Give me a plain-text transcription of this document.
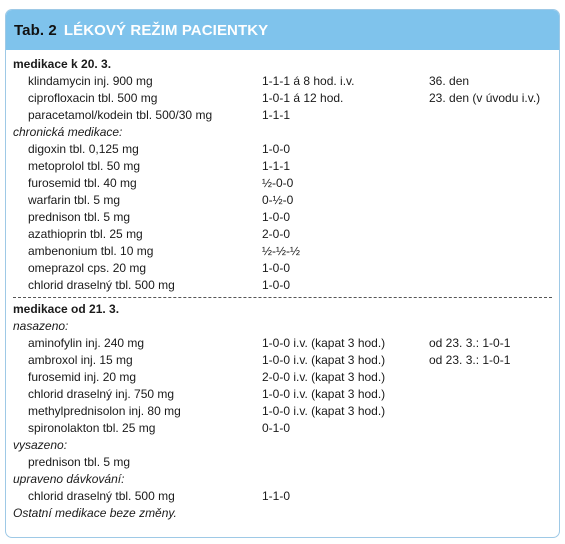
Tab. 2 LÉKOVÝ REŽIM PACIENTKY
medikace k 20. 3.
klindamycin inj. 900 mg	1-1-1 á 8 hod. i.v.	36. den
ciprofloxacin tbl. 500 mg	1-0-1 á 12 hod.	23. den (v úvodu i.v.)
paracetamol/kodein tbl. 500/30 mg	1-1-1
chronická medikace:
digoxin tbl. 0,125 mg	1-0-0
metoprolol tbl. 50 mg	1-1-1
furosemid tbl. 40 mg	½-0-0
warfarin tbl. 5 mg	0-½-0
prednison tbl. 5 mg	1-0-0
azathioprin tbl. 25 mg	2-0-0
ambenonium tbl. 10 mg	½-½-½
omeprazol cps. 20 mg	1-0-0
chlorid draselný tbl. 500 mg	1-0-0
medikace od 21. 3.
nasazeno:
aminofylin inj. 240 mg	1-0-0 i.v. (kapat 3 hod.)	od 23. 3.: 1-0-1
ambroxol inj. 15 mg	1-0-0 i.v. (kapat 3 hod.)	od 23. 3.: 1-0-1
furosemid inj. 20 mg	2-0-0 i.v. (kapat 3 hod.)
chlorid draselný inj. 750 mg	1-0-0 i.v. (kapat 3 hod.)
methylprednisolon inj. 80 mg	1-0-0 i.v. (kapat 3 hod.)
spironolakton tbl. 25 mg	0-1-0
vysazeno:
prednison tbl. 5 mg
upraveno dávkování:
chlorid draselný tbl. 500 mg	1-1-0
Ostatní medikace beze změny.
